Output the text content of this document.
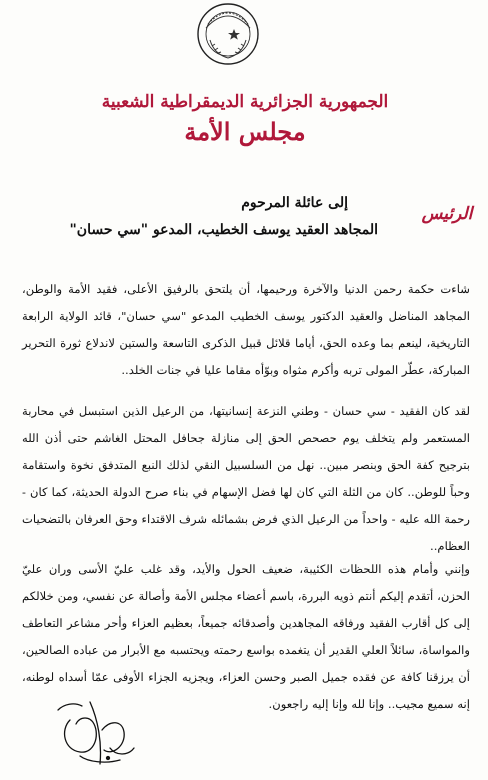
الجمهورية الجزائرية الديمقراطية الشعبية
مجلس الأمة
الرئيس
إلى عائلة المرحوم
المجاهد العقيد يوسف الخطيب، المدعو "سي حسان"
شاءت حكمة رحمن الدنيا والآخرة ورحيمها، أن يلتحق بالرفيق الأعلى، فقيد الأمة والوطن، المجاهد المناضل والعقيد الدكتور يوسف الخطيب المدعو "سي حسان"، قائد الولاية الرابعة التاريخية، لينعم بما وعده الحق، أياما قلائل قبيل الذكرى التاسعة والستين لاندلاع ثورة التحرير المباركة، عطّر المولى تربه وأكرم مثواه وبوّأه مقاما عليا في جنات الخلد..
لقد كان الفقيد - سي حسان - وطني النزعة إنسانيتها، من الرعيل الذين استبسل في محاربة المستعمر ولم يتخلف يوم حصحص الحق إلى منازلة جحافل المحتل الغاشم حتى أذن الله بترجيح كفة الحق وبنصر مبين.. نهل من السلسبيل النقي لذلك النبع المتدفق نخوة واستقامة وحباً للوطن.. كان من الثلة التي كان لها فضل الإسهام في بناء صرح الدولة الحديثة، كما كان - رحمة الله عليه - واحداً من الرعيل الذي فرض بشمائله شرف الاقتداء وحق العرفان بالتضحيات العظام..
وإنني وأمام هذه اللحظات الكئيبة، ضعيف الحول والأيد، وقد غلب عليّ الأسى وران عليّ الحزن، أتقدم إليكم أنتم ذويه البررة، باسم أعضاء مجلس الأمة وأصالة عن نفسي، ومن خلالكم إلى كل أقارب الفقيد ورفاقه المجاهدين وأصدقائه جميعاً، بعظيم العزاء وأحر مشاعر التعاطف والمواساة، سائلاً العلي القدير أن يتغمده بواسع رحمته ويحتسبه مع الأبرار من عباده الصالحين، أن يرزقنا كافة عن فقده جميل الصبر وحسن العزاء، ويجزيه الجزاء الأوفى عمّا أسداه لوطنه، إنه سميع مجيب.. وإنا لله وإنا إليه راجعون.
